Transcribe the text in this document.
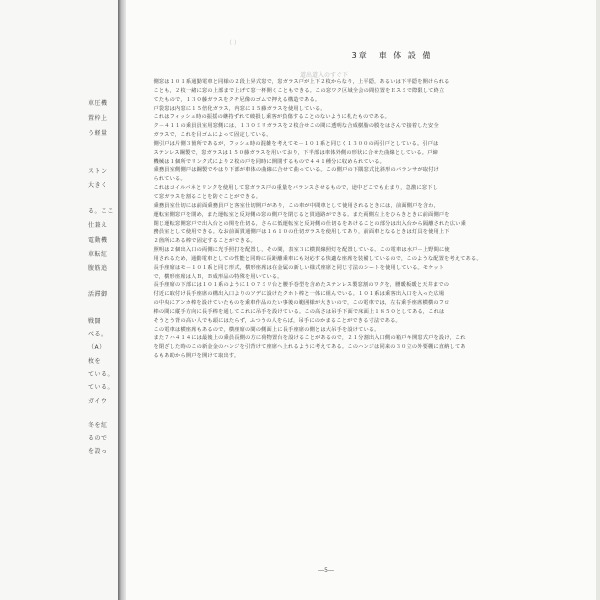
車圧機
置枠上
う軽量
ストン
大きく
る。ここ
仕兼え
電動機
車転紅
腹筋追
活滞御
戦闘
べる。
（A）
枚を
ている。
ている。
ガイウ
冬を紅
るので
を設っ
3章　車 体 設 備

側窓は１０１系通勤電車と同様の２段上昇式窓で，窓ガラス戸が上下２枚からなり，上平隠，あるいは下半隠を開けられる

ことも，２枚一緒に窓の上部まで上げて窓一杯開くこともできる。この窓ワク区域全会の間位置をＥスミで際限して終立

てたもので，１３０藤ガラスをクチ尼像のゴムで押える構造である。

戸袋窓は内窓に１５倍化ガラス，内窓に１５藤ガラスを使用している。

これはフィッシュ時の振揺の継持ずれて破損し乗客が負傷することのないように札たものである。

ク－４１１の乗員員室用窓側には，１３０ミリガラスを２枚合せこの間に透明な合成樹脂の膜をはさんで接着した安全

ガラスで，これを目ゴムによって固定している。

側引戸は片側３箇所であるが，フッシュ時の混雑を考えてモ－１０１系と同じく１３００の両引戸としている。引戸は

ステンレス鋼製で，窓ガラスは１５０藤ガラスを用いており，下半部は車体外側の形状に合せた曲線としている。戸締

機械は１個所でリンク式により２枚の戸を同時に開閉するもので４４１種分に収められている。

乗務員室側側戸は鋼製でやはり下部が車体の曲線に合せて曲っている。この側戸の下隅窓式比斜形のバランサが取付け

られている。

これはコイルバネとリンクを使用して窓ガラス戸の重量をバランスさせるもので，途中どこでも止まり，急激に窓下し

て窓ガラスを割ることを防ぐことができる。

乗務員室仕切には前面乗務員戸と客室仕切開戸があり，この車が中間車として使用されるときには，前面側戸を含わ，

運転室側窓戸を閉め，また運転室と反対側の窓の側戸を閉じると貫通路ができる。また両側左上をひらきときに前面側戸を

閉じ運転窓開窓戸で出入台との関を仕切る，さらに低運転室と反対側の仕切るをあけることの部分は出入台から隔離された広い乗

務員室として使用できる。なお前面貫通側戸は１６１０の仕切ガラスを使用してあり，前面車となるときは灯具を使用上下

２箇所にある棒で固定することができる。

照明は２個出入口の両側に光手照打を配置し，その間，表室３に横貫線照灯を配置している。この電車は水戸－上野間に使

用されるため，通勤電車としての性能と同時に長距離乗車にも対応する快適な座席を装備しているので，このような配置を考えてある。

長手座席はモ－１０１系と同じ形式，横形座席は在金属の新しい様式座席と同じ寸法のシートを使用している。モケット

で，横形座席は人Ｂ，Ｂ成形品の特殊を用いている。

長手座席の下部には１０１系のように１０７ミリ台と腰手巻型を含めたステンレス製窓割のワクを，腰暖板暖と天井までの

付近に取付け長手座席の構出入口よりのソデに設けたクホト棒と一体に組んでいる。１０１系は乗客出入口を入った広場

の中央にアンカ棒を設けていたものを乗車作品のたい事後の範囲様が大きいので，この電車では，左右乗手座席横横のフロ

棒の間に縦手方向に長手棒を通してこれに吊手を設けている。この高さは吊手下面で床面上１８５０としてある，これは

そうとう背の高い人でも頭にはたらず，ふつうの人をらば，吊手にのかまることができる寸法である。

この電車は横座席もあるので，横座席の間の側面上に長手座席の側とは大吊手を設けている。

また７ハ４１４には最後上の乗員長側の方に荷物置台を設けることがあるので，２１分割出入口側の箱戸キ開窓式戸を設け，これ

を閉ざした時のこの新金金のハンジを引背けて座席へ上れるように考えてある。このハンジは同来の３０立の外要棚に直納してあ

るもあ助から開戸を開けて取出す。

―5―
（ ）
道出道入のすぐ下
